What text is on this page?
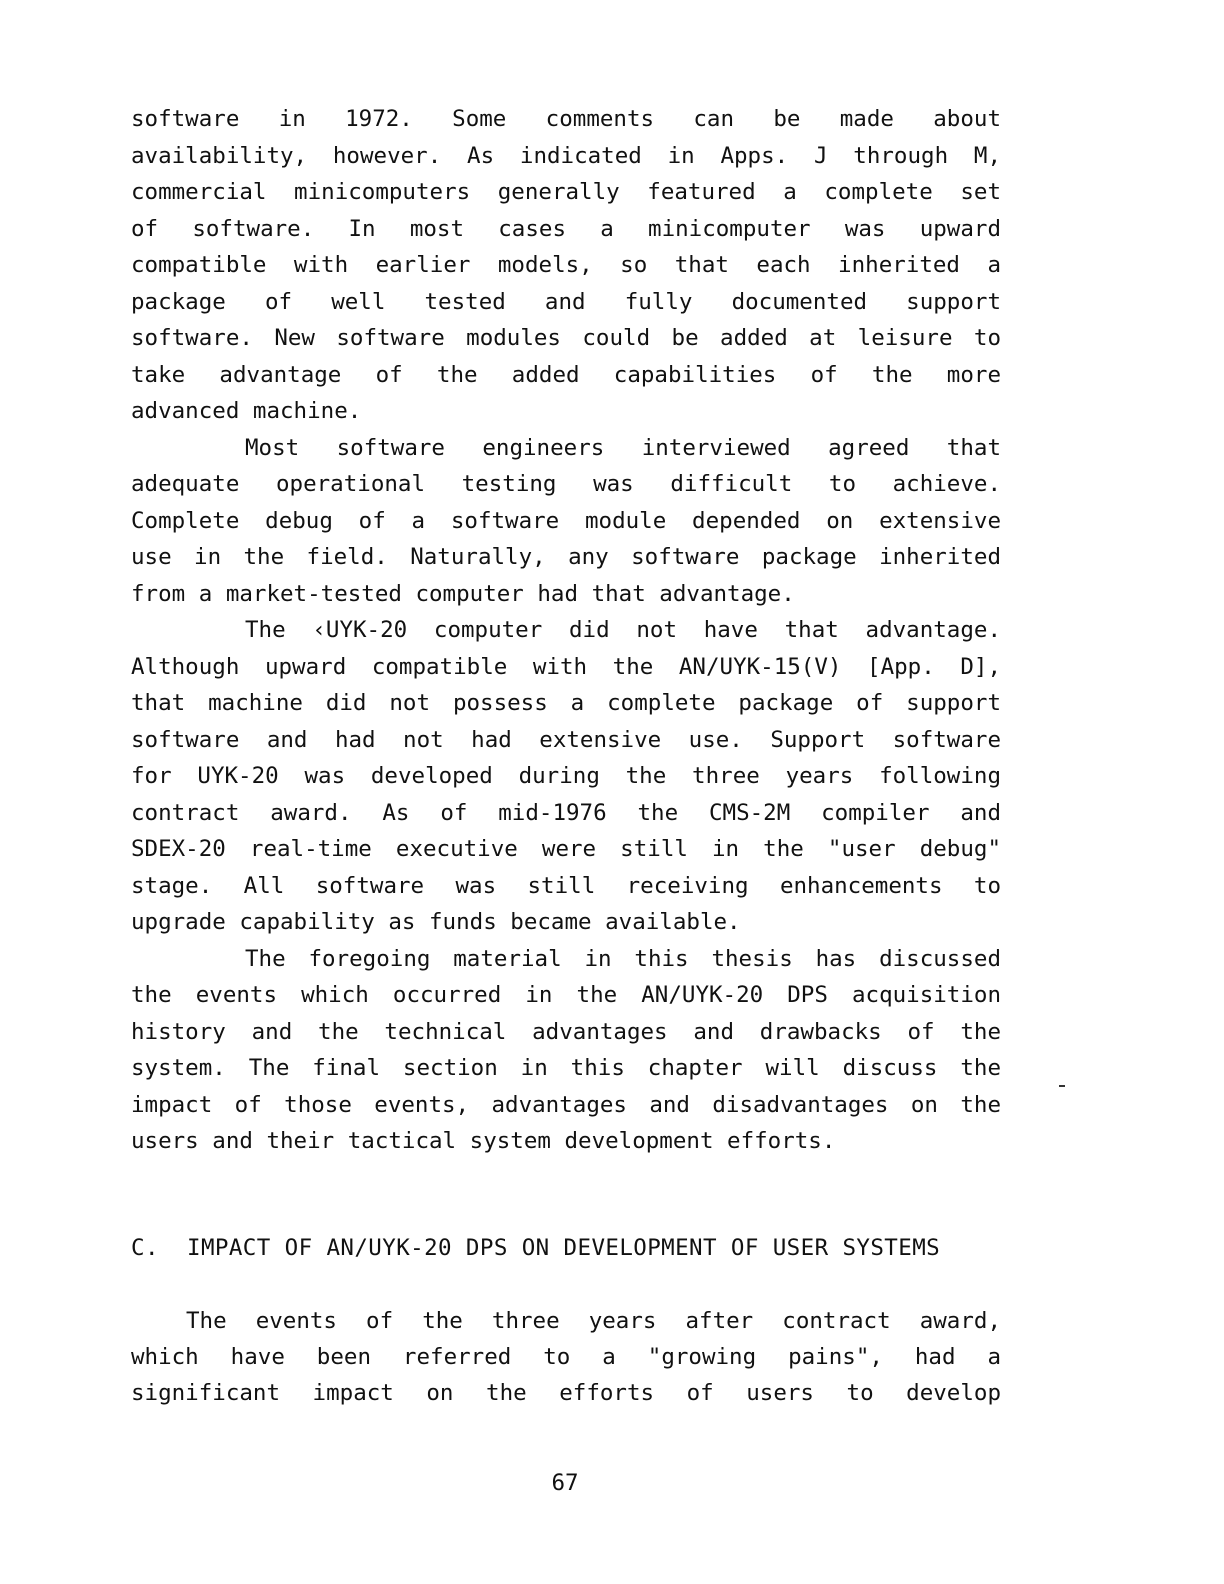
software in 1972. Some comments can be made about
availability, however. As indicated in Apps. J through M,
commercial minicomputers generally featured a complete set
of software. In most cases a minicomputer was upward
compatible with earlier models, so that each inherited a
package of well tested and fully documented support
software. New software modules could be added at leisure to
take advantage of the added capabilities of the more
advanced machine.
Most software engineers interviewed agreed that
adequate operational testing was difficult to achieve.
Complete debug of a software module depended on extensive
use in the field. Naturally, any software package inherited
from a market-tested computer had that advantage.
The ‹UYK-20 computer did not have that advantage.
Although upward compatible with the AN/UYK-15(V) [App. D],
that machine did not possess a complete package of support
software and had not had extensive use. Support software
for UYK-20 was developed during the three years following
contract award. As of mid-1976 the CMS-2M compiler and
SDEX-20 real-time executive were still in the "user debug"
stage. All software was still receiving enhancements to
upgrade capability as funds became available.
The foregoing material in this thesis has discussed
the events which occurred in the AN/UYK-20 DPS acquisition
history and the technical advantages and drawbacks of the
system. The final section in this chapter will discuss the
impact of those events, advantages and disadvantages on the
users and their tactical system development efforts.
C. IMPACT OF AN/UYK-20 DPS ON DEVELOPMENT OF USER SYSTEMS
The events of the three years after contract award,
which have been referred to a "growing pains", had a
significant impact on the efforts of users to develop
67
